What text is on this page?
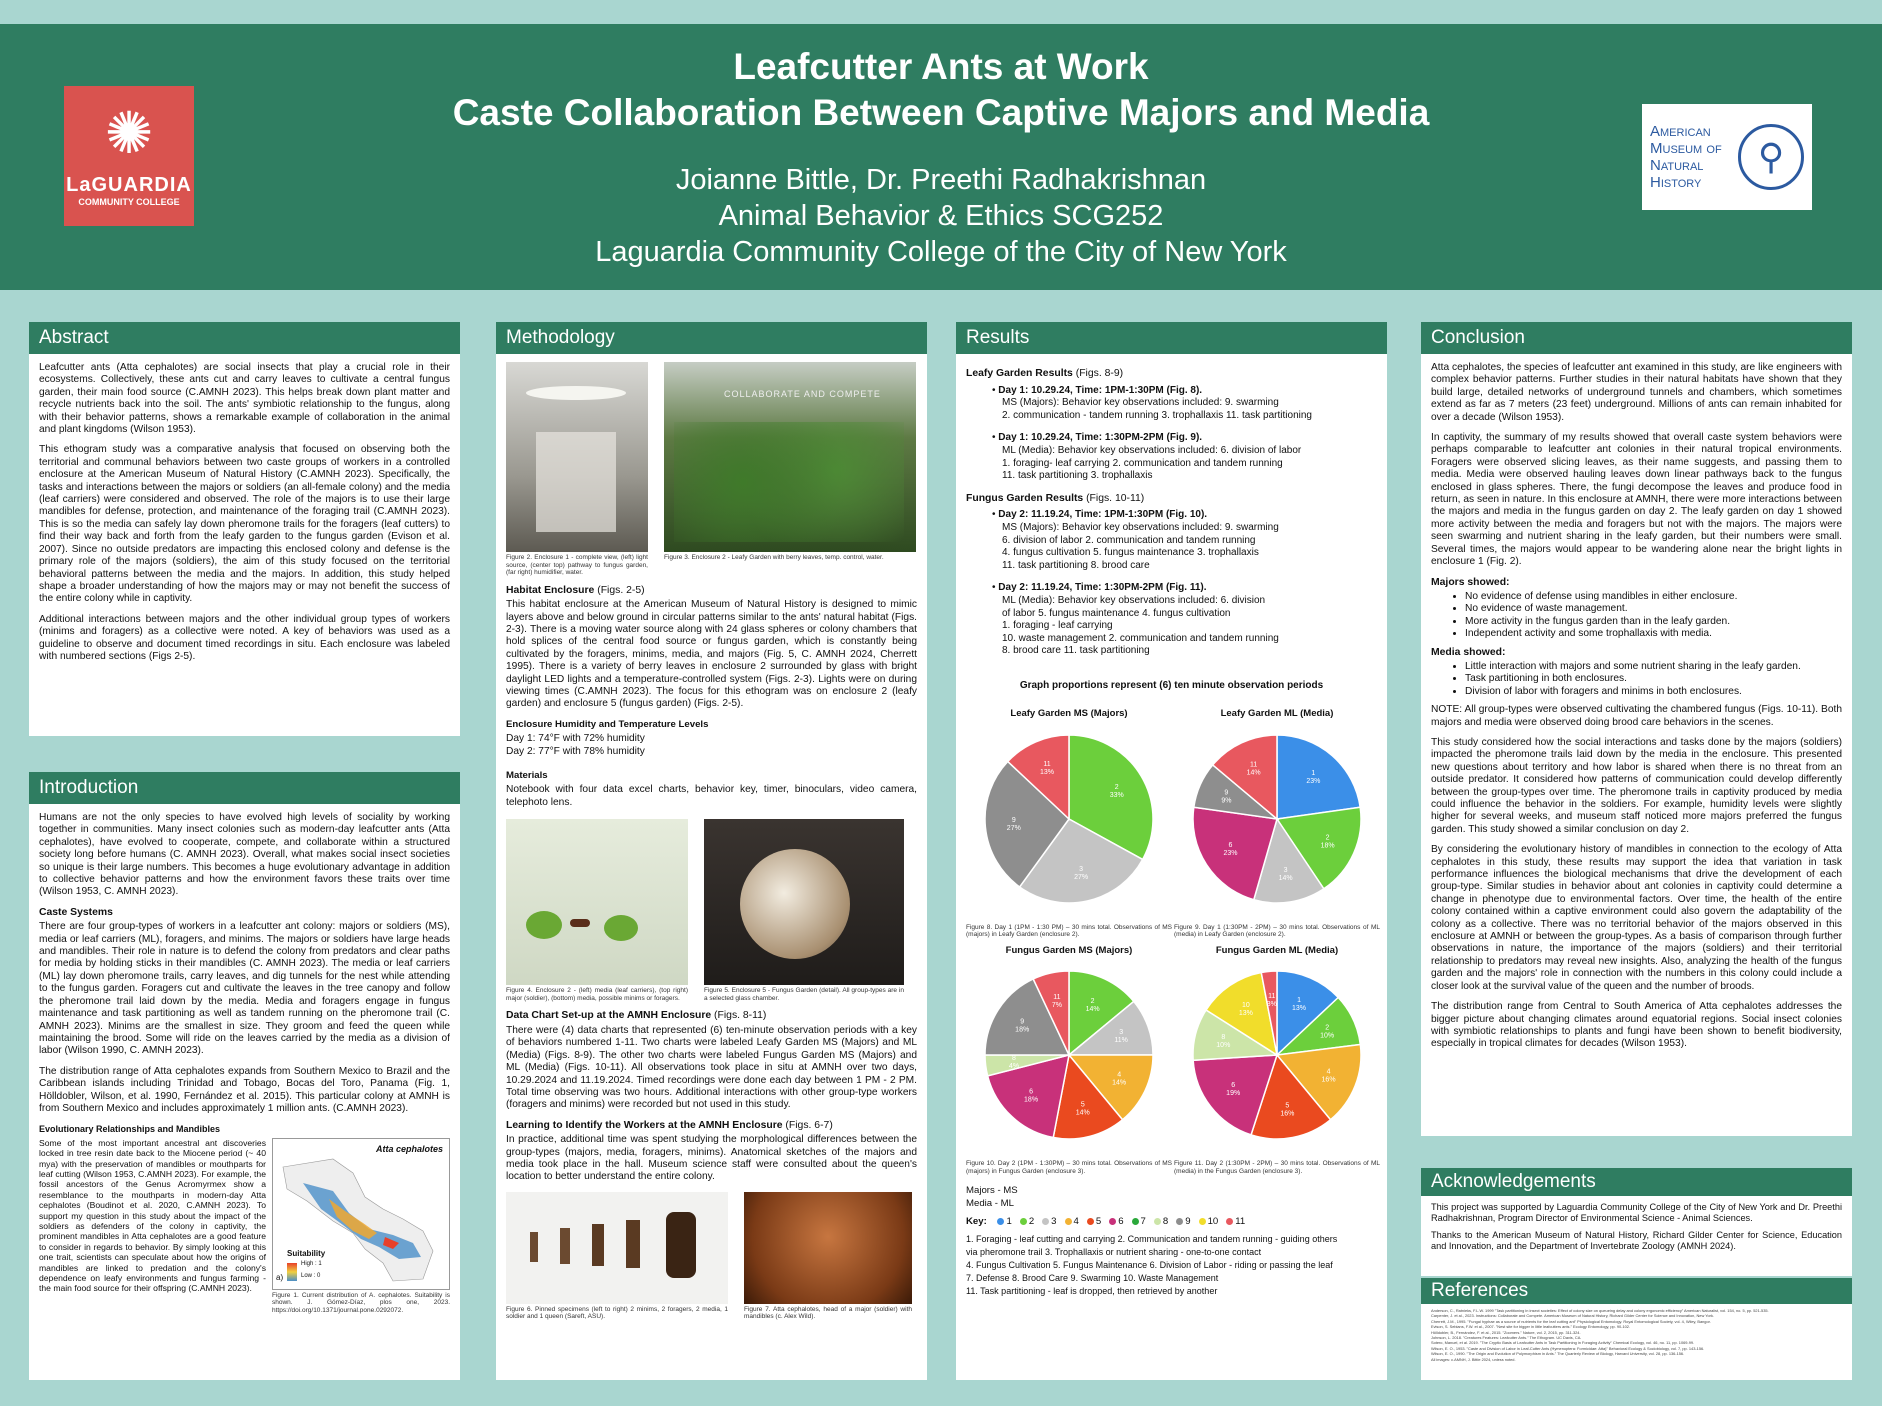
Leafcutter Ants at Work
Caste Collaboration Between Captive Majors and Media
Joianne Bittle, Dr. Preethi Radhakrishnan
Animal Behavior & Ethics SCG252
Laguardia Community College of the City of New York
✺
LaGUARDIA
COMMUNITY COLLEGE
American Museum of Natural History
⚲
Abstract

Leafcutter ants (Atta cephalotes) are social insects that play a crucial role in their ecosystems. Collectively, these ants cut and carry leaves to cultivate a central fungus garden, their main food source (C.AMNH 2023). This helps break down plant matter and recycle nutrients back into the soil. The ants' symbiotic relationship to the fungus, along with their behavior patterns, shows a remarkable example of collaboration in the animal and plant kingdoms (Wilson 1953).

This ethogram study was a comparative analysis that focused on observing both the territorial and communal behaviors between two caste groups of workers in a controlled enclosure at the American Museum of Natural History (C.AMNH 2023). Specifically, the tasks and interactions between the majors or soldiers (an all-female colony) and the media (leaf carriers) were considered and observed. The role of the majors is to use their large mandibles for defense, protection, and maintenance of the foraging trail (C.AMNH 2023). This is so the media can safely lay down pheromone trails for the foragers (leaf cutters) to find their way back and forth from the leafy garden to the fungus garden (Evison et al. 2007). Since no outside predators are impacting this enclosed colony and defense is the primary role of the majors (soldiers), the aim of this study focused on the territorial behavioral patterns between the media and the majors. In addition, this study helped shape a broader understanding of how the majors may or may not benefit the success of the entire colony while in captivity.

Additional interactions between majors and the other individual group types of workers (minims and foragers) as a collective were noted. A key of behaviors was used as a guideline to observe and document timed recordings in situ. Each enclosure was labeled with numbered sections (Figs 2-5).

Introduction

Humans are not the only species to have evolved high levels of sociality by working together in communities. Many insect colonies such as modern-day leafcutter ants (Atta cephalotes), have evolved to cooperate, compete, and collaborate within a structured society long before humans (C. AMNH 2023). Overall, what makes social insect societies so unique is their large numbers. This becomes a huge evolutionary advantage in addition to collective behavior patterns and how the environment favors these traits over time (Wilson 1953, C. AMNH 2023).

Caste Systems

There are four group-types of workers in a leafcutter ant colony: majors or soldiers (MS), media or leaf carriers (ML), foragers, and minims. The majors or soldiers have large heads and mandibles. Their role in nature is to defend the colony from predators and clear paths for media by holding sticks in their mandibles (C. AMNH 2023). The media or leaf carriers (ML) lay down pheromone trails, carry leaves, and dig tunnels for the nest while attending to the fungus garden. Foragers cut and cultivate the leaves in the tree canopy and follow the pheromone trail laid down by the media. Media and foragers engage in fungus maintenance and task partitioning as well as tandem running on the pheromone trail (C. AMNH 2023). Minims are the smallest in size. They groom and feed the queen while maintaining the brood. Some will ride on the leaves carried by the media as a division of labor (Wilson 1990, C. AMNH 2023).

The distribution range of Atta cephalotes expands from Southern Mexico to Brazil and the Caribbean islands including Trinidad and Tobago, Bocas del Toro, Panama (Fig. 1, Hölldobler, Wilson, et al. 1990, Fernández et al. 2015). This particular colony at AMNH is from Southern Mexico and includes approximately 1 million ants. (C.AMNH 2023).

Evolutionary Relationships and Mandibles
Some of the most important ancestral ant discoveries locked in tree resin date back to the Miocene period (~ 40 mya) with the preservation of mandibles or mouthparts for leaf cutting (Wilson 1953, C.AMNH 2023). For example, the fossil ancestors of the Genus Acromyrmex show a resemblance to the mouthparts in modern-day Atta cephalotes (Boudinot et al. 2020, C.AMNH 2023). To support my question in this study about the impact of the soldiers as defenders of the colony in captivity, the prominent mandibles in Atta cephalotes are a good feature to consider in regards to behavior. By simply looking at this one trait, scientists can speculate about how the origins of mandibles are linked to predation and the colony's dependence on leafy environments and fungus farming - the main food source for their offspring (C.AMNH 2023).
Atta cephalotes
Suitability
High : 1
Low : 0
a)
Figure 1. Current distribution of A. cephalotes. Suitability is shown. J. Gómez-Díaz, plos one, 2023. https://doi.org/10.1371/journal.pone.0292072.
Methodology
Figure 2. Enclosure 1 - complete view, (left) light source, (center top) pathway to fungus garden, (far right) humidifier, water.
COLLABORATE AND COMPETE
Figure 3. Enclosure 2 - Leafy Garden with berry leaves, temp. control, water.
Habitat Enclosure (Figs. 2-5)

This habitat enclosure at the American Museum of Natural History is designed to mimic layers above and below ground in circular patterns similar to the ants' natural habitat (Figs. 2-3). There is a moving water source along with 24 glass spheres or colony chambers that hold splices of the central food source or fungus garden, which is constantly being cultivated by the foragers, minims, media, and majors (Fig. 5, C. AMNH 2024, Cherrett 1995). There is a variety of berry leaves in enclosure 2 surrounded by glass with bright daylight LED lights and a temperature-controlled system (Figs. 2-3). Lights were on during viewing times (C.AMNH 2023). The focus for this ethogram was on enclosure 2 (leafy garden) and enclosure 5 (fungus garden) (Figs. 2-5).

Enclosure Humidity and Temperature Levels
Day 1: 74°F with 72% humidity
Day 2: 77°F with 78% humidity
Materials

Notebook with four data excel charts, behavior key, timer, binoculars, video camera, telephoto lens.

Figure 4. Enclosure 2 - (left) media (leaf carriers), (top right) major (soldier), (bottom) media, possible minims or foragers.
Figure 5. Enclosure 5 - Fungus Garden (detail). All group-types are in a selected glass chamber.
Data Chart Set-up at the AMNH Enclosure (Figs. 8-11)

There were (4) data charts that represented (6) ten-minute observation periods with a key of behaviors numbered 1-11. Two charts were labeled Leafy Garden MS (Majors) and ML (Media) (Figs. 8-9). The other two charts were labeled Fungus Garden MS (Majors) and ML (Media) (Figs. 10-11). All observations took place in situ at AMNH over two days, 10.29.2024 and 11.19.2024. Timed recordings were done each day between 1 PM - 2 PM. Total time observing was two hours. Additional interactions with other group-type workers (foragers and minims) were recorded but not used in this study.

Learning to Identify the Workers at the AMNH Enclosure (Figs. 6-7)

In practice, additional time was spent studying the morphological differences between the group-types (majors, media, foragers, minims). Anatomical sketches of the majors and media took place in the hall. Museum science staff were consulted about the queen's location to better understand the entire colony.

Figure 6. Pinned specimens (left to right) 2 minims, 2 foragers, 2 media, 1 soldier and 1 queen (Sareft, ASU).
Figure 7. Atta cephalotes, head of a major (soldier) with mandibles (c. Alex Wild).
Results
Leafy Garden Results (Figs. 8-9)
• Day 1: 10.29.24, Time: 1PM-1:30PM (Fig. 8).
MS (Majors): Behavior key observations included: 9. swarming
2. communication - tandem running 3. trophallaxis 11. task partitioning
• Day 1: 10.29.24, Time: 1:30PM-2PM (Fig. 9).
ML (Media): Behavior key observations included: 6. division of labor
1. foraging- leaf carrying 2. communication and tandem running
11. task partitioning 3. trophallaxis
Fungus Garden Results (Figs. 10-11)
• Day 2: 11.19.24, Time: 1PM-1:30PM (Fig. 10).
MS (Majors): Behavior key observations included: 9. swarming
6. division of labor 2. communication and tandem running
4. fungus cultivation 5. fungus maintenance 3. trophallaxis
11. task partitioning 8. brood care
• Day 2: 11.19.24, Time: 1:30PM-2PM (Fig. 11).
ML (Media): Behavior key observations included: 6. division
of labor 5. fungus maintenance 4. fungus cultivation
1. foraging - leaf carrying
10. waste management 2. communication and tandem running
8. brood care 11. task partitioning
Graph proportions represent (6) ten minute observation periods
Leafy Garden MS (Majors)
2 33%
3 27%
9 27%
11 13%
Figure 8. Day 1 (1PM - 1:30 PM) – 30 mins total. Observations of MS (majors) in Leafy Garden (enclosure 2).
Leafy Garden ML (Media)
1 23%
2 18%
3 14%
6 23%
9 9%
11 14%
Figure 9. Day 1 (1:30PM - 2PM) – 30 mins total. Observations of ML (media) in Leafy Garden (enclosure 2).
Fungus Garden MS (Majors)
2 14%
3 11%
4 14%
5 14%
6 18%
8 4%
9 18%
11 7%
Figure 10. Day 2 (1PM - 1:30PM) – 30 mins total. Observations of MS (majors) in Fungus Garden (enclosure 3).
Fungus Garden ML (Media)
1 13%
2 10%
4 16%
5 16%
6 19%
8 10%
10 13%
11 3%
Figure 11. Day 2 (1:30PM - 2PM) – 30 mins total. Observations of ML (media) in the Fungus Garden (enclosure 3).
Majors - MS
Media - ML
Key: 1 2 3 4 5 6 7 8 9 10 11
1. Foraging - leaf cutting and carrying 2. Communication and tandem running - guiding others
via pheromone trail 3. Trophallaxis or nutrient sharing - one-to-one contact
4. Fungus Cultivation 5. Fungus Maintenance 6. Division of Labor - riding or passing the leaf
7. Defense 8. Brood Care 9. Swarming 10. Waste Management
11. Task partitioning - leaf is dropped, then retrieved by another
Conclusion

Atta cephalotes, the species of leafcutter ant examined in this study, are like engineers with complex behavior patterns. Further studies in their natural habitats have shown that they build large, detailed networks of underground tunnels and chambers, which sometimes extend as far as 7 meters (23 feet) underground. Millions of ants can remain inhabited for over a decade (Wilson 1953).

In captivity, the summary of my results showed that overall caste system behaviors were perhaps comparable to leafcutter ant colonies in their natural tropical environments. Foragers were observed slicing leaves, as their name suggests, and passing them to media. Media were observed hauling leaves down linear pathways back to the fungus enclosed in glass spheres. There, the fungi decompose the leaves and produce food in return, as seen in nature. In this enclosure at AMNH, there were more interactions between the majors and media in the fungus garden on day 2. The leafy garden on day 1 showed more activity between the media and foragers but not with the majors. The majors were seen swarming and nutrient sharing in the leafy garden, but their numbers were small. Several times, the majors would appear to be wandering alone near the bright lights in enclosure 1 (Fig. 2).

Majors showed:
• No evidence of defense using mandibles in either enclosure.
• No evidence of waste management.
• More activity in the fungus garden than in the leafy garden.
• Independent activity and some trophallaxis with media.
Media showed:
• Little interaction with majors and some nutrient sharing in the leafy garden.
• Task partitioning in both enclosures.
• Division of labor with foragers and minims in both enclosures.

NOTE: All group-types were observed cultivating the chambered fungus (Figs. 10-11). Both majors and media were observed doing brood care behaviors in the scenes.

This study considered how the social interactions and tasks done by the majors (soldiers) impacted the pheromone trails laid down by the media in the enclosure. This presented new questions about territory and how labor is shared when there is no threat from an outside predator. It considered how patterns of communication could develop differently between the group-types over time. The pheromone trails in captivity produced by media could influence the behavior in the soldiers. For example, humidity levels were slightly higher for several weeks, and museum staff noticed more majors preferred the fungus garden. This study showed a similar conclusion on day 2.

By considering the evolutionary history of mandibles in connection to the ecology of Atta cephalotes in this study, these results may support the idea that variation in task performance influences the biological mechanisms that drive the development of each group-type. Similar studies in behavior about ant colonies in captivity could determine a change in phenotype due to environmental factors. Over time, the health of the entire colony contained within a captive environment could also govern the adaptability of the colony as a collective. There was no territorial behavior of the majors observed in this enclosure at AMNH or between the group-types. As a basis of comparison through further observations in nature, the importance of the majors (soldiers) and their territorial relationship to predators may reveal new insights. Also, analyzing the health of the fungus garden and the majors' role in connection with the numbers in this colony could include a closer look at the survival value of the queen and the number of broods.

The distribution range from Central to South America of Atta cephalotes addresses the bigger picture about changing climates around equatorial regions. Social insect colonies with symbiotic relationships to plants and fungi have been shown to benefit biodiversity, especially in tropical climates for decades (Wilson 1953).

Acknowledgements

This project was supported by Laguardia Community College of the City of New York and Dr. Preethi Radhakrishnan, Program Director of Environmental Science - Animal Sciences.

Thanks to the American Museum of Natural History, Richard Gilder Center for Science, Education and Innovation, and the Department of Invertebrate Zoology (AMNH 2024).

References
Anderson, C., Ratnieks, F.L.W. 1999 "Task partitioning in insect societies: Effect of colony size on queueing delay and colony ergonomic efficiency" American Naturalist, vol. 154, no. 5, pp. 521-535.
Carpenter, J. et al., 2023. Instructions: Collaborate and Compete. American Museum of Natural History, Richard Gilder Center for Science and Innovation, New York.
Cherrett, J.M., 1995. "Fungal hyphae as a source of nutrients for the leaf cutting ant" Physiological Entomology. Royal Entomological Society, vol. 4, Wiley, Bangor.
Evison, S. Sebians, F.W. et al., 2007. "Nest site for bigger in little leafcutters ants." Ecology Entomology, pp. 90-102.
Hölldobler, B., Fernández, F. et al., 2015. "Zoomers." Nature, vol. 2, 2015, pp. 311-324.
Johnson, L. 2018. "Creatures Features: Leafcutter Ants." The Ethogram. UC Davis, CA.
Sotero, Manuel, et al. 2019. "The Cryptic Basis of Leafcutter Ants in Task Partitioning in Foraging Activity" Chemical Ecology, vol. 46, no. 11, pp. 1069-99.
Wilson, E. O., 1953. "Caste and Division of Labor in Leaf-Cutter Ants (Hymenoptera: Formicidae: Atta)" Behavioral Ecology & Sociobiology, vol. 7, pp. 143-156.
Wilson, E. O., 1990. "The Origin and Evolution of Polymorphism in Ants." The Quarterly Review of Biology, Harvard University, vol. 28, pp. 136-156.
All images: c.AMNH, J. Bittle 2024, unless noted.
